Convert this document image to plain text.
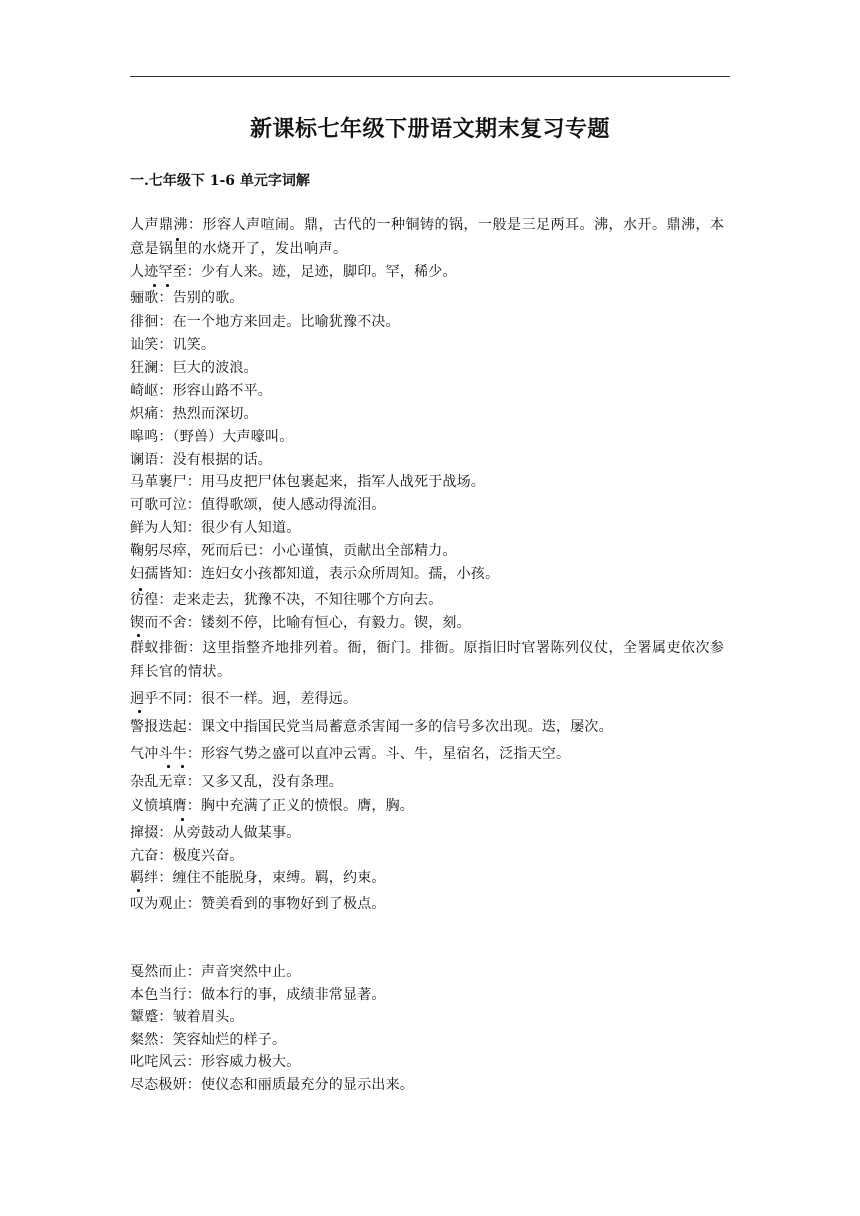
新课标七年级下册语文期末复习专题
一.七年级下 1-6 单元字词解
人声鼎沸：形容人声喧闹。鼎，古代的一种铜铸的锅，一般是三足两耳。沸，水开。鼎沸，本意是锅里的水烧开了，发出响声。
人迹罕至：少有人来。迹，足迹，脚印。罕，稀少。
骊歌：告别的歌。
徘徊：在一个地方来回走。比喻犹豫不决。
讪笑：讥笑。
狂澜：巨大的波浪。
崎岖：形容山路不平。
炽痛：热烈而深切。
嗥鸣：（野兽）大声嚎叫。
谰语：没有根据的话。
马革裹尸：用马皮把尸体包裹起来，指军人战死于战场。
可歌可泣：值得歌颂，使人感动得流泪。
鲜为人知：很少有人知道。
鞠躬尽瘁，死而后已：小心谨慎，贡献出全部精力。
妇孺皆知：连妇女小孩都知道，表示众所周知。孺，小孩。
彷徨：走来走去，犹豫不决，不知往哪个方向去。
锲而不舍：镂刻不停，比喻有恒心，有毅力。锲，刻。
群蚁排衙：这里指整齐地排列着。衙，衙门。排衙。原指旧时官署陈列仪仗，全署属吏依次参拜长官的情状。
迥乎不同：很不一样。迥，差得远。
警报迭起：课文中指国民党当局蓄意杀害闻一多的信号多次出现。迭，屡次。
气冲斗牛：形容气势之盛可以直冲云霄。斗、牛，星宿名，泛指天空。
杂乱无章：又多又乱，没有条理。
义愤填膺：胸中充满了正义的愤恨。膺，胸。
撺掇：从旁鼓动人做某事。
亢奋：极度兴奋。
羁绊：缠住不能脱身，束缚。羁，约束。
叹为观止：赞美看到的事物好到了极点。
戛然而止：声音突然中止。
本色当行：做本行的事，成绩非常显著。
颦蹙：皱着眉头。
粲然：笑容灿烂的样子。
叱咤风云：形容威力极大。
尽态极妍：使仪态和丽质最充分的显示出来。
